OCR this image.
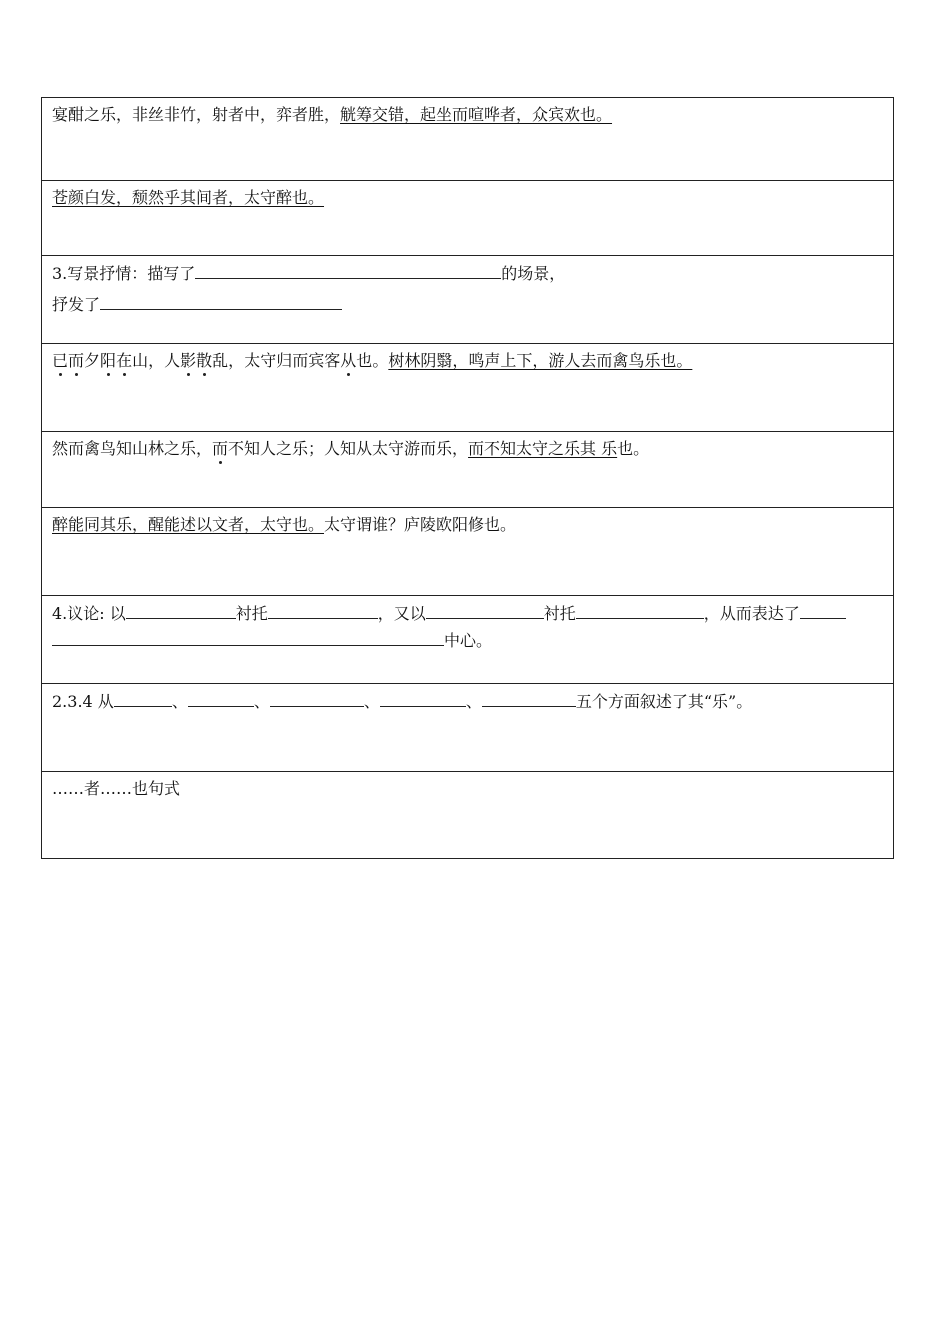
宴酣之乐，非丝非竹，射者中，弈者胜，觥筹交错，起坐而喧哗者，众宾欢也。
苍颜白发，颓然乎其间者，太守醉也。
3.写景抒情：描写了	的场景，
抒发了
已而夕阳在山，人影散乱，太守归而宾客从也。树林阴翳，鸣声上下，游人去而禽鸟乐也。
然而禽鸟知山林之乐，而不知人之乐；人知从太守游而乐，而不知太守之乐其 乐也。
醉能同其乐，醒能述以文者，太守也。太守谓谁？庐陵欧阳修也。
4.议论: 以	衬托	，又以	衬托	，从而表达了
中心。
2.3.4 从	、	、	、	、	五个方面叙述了其“乐”。
……者……也句式
